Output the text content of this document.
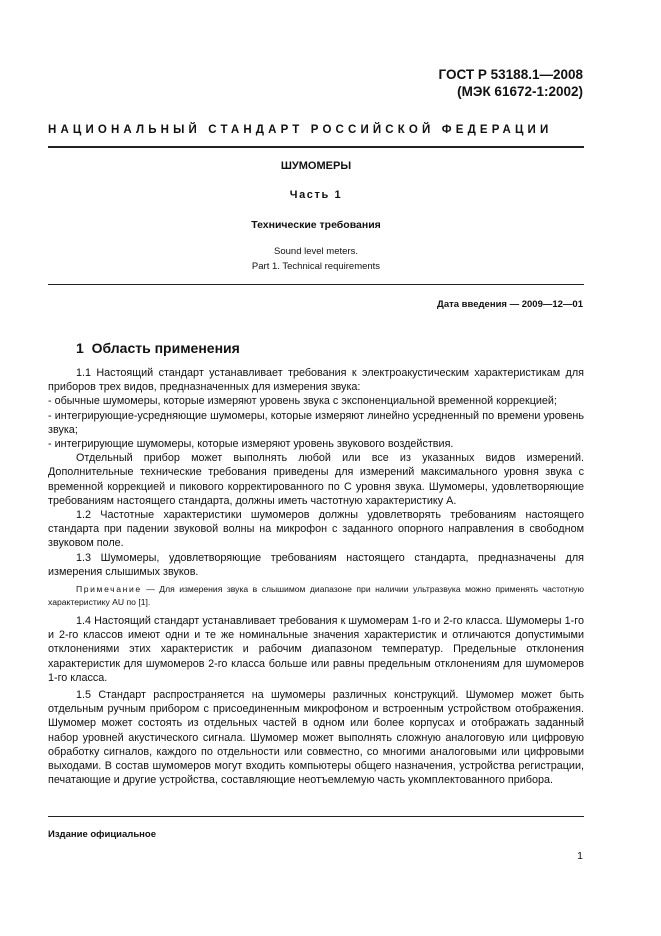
ГОСТ Р 53188.1—2008
(МЭК 61672-1:2002)
НАЦИОНАЛЬНЫЙ СТАНДАРТ РОССИЙСКОЙ ФЕДЕРАЦИИ
ШУМОМЕРЫ
Часть 1
Технические требования
Sound level meters.
Part 1. Technical requirements
Дата введения — 2009—12—01
1 Область применения

1.1 Настоящий стандарт устанавливает требования к электроакустическим характеристикам для приборов трех видов, предназначенных для измерения звука:

- обычные шумомеры, которые измеряют уровень звука с экспоненциальной временной коррекцией;

- интегрирующие-усредняющие шумомеры, которые измеряют линейно усредненный по времени уровень звука;

- интегрирующие шумомеры, которые измеряют уровень звукового воздействия.

Отдельный прибор может выполнять любой или все из указанных видов измерений. Дополнительные технические требования приведены для измерений максимального уровня звука с временной коррекцией и пикового корректированного по C уровня звука. Шумомеры, удовлетворяющие требованиям настоящего стандарта, должны иметь частотную характеристику A.

1.2 Частотные характеристики шумомеров должны удовлетворять требованиям настоящего стандарта при падении звуковой волны на микрофон с заданного опорного направления в свободном звуковом поле.

1.3 Шумомеры, удовлетворяющие требованиям настоящего стандарта, предназначены для измерения слышимых звуков.

Примечание — Для измерения звука в слышимом диапазоне при наличии ультразвука можно применять частотную характеристику AU по [1].

1.4 Настоящий стандарт устанавливает требования к шумомерам 1-го и 2-го класса. Шумомеры 1-го и 2-го классов имеют одни и те же номинальные значения характеристик и отличаются допустимыми отклонениями этих характеристик и рабочим диапазоном температур. Предельные отклонения характеристик для шумомеров 2-го класса больше или равны предельным отклонениям для шумомеров 1-го класса.

1.5 Стандарт распространяется на шумомеры различных конструкций. Шумомер может быть отдельным ручным прибором с присоединенным микрофоном и встроенным устройством отображения. Шумомер может состоять из отдельных частей в одном или более корпусах и отображать заданный набор уровней акустического сигнала. Шумомер может выполнять сложную аналоговую или цифровую обработку сигналов, каждого по отдельности или совместно, со многими аналоговыми или цифровыми выходами. В состав шумомеров могут входить компьютеры общего назначения, устройства регистрации, печатающие и другие устройства, составляющие неотъемлемую часть укомплектованного прибора.

Издание официальное
1
